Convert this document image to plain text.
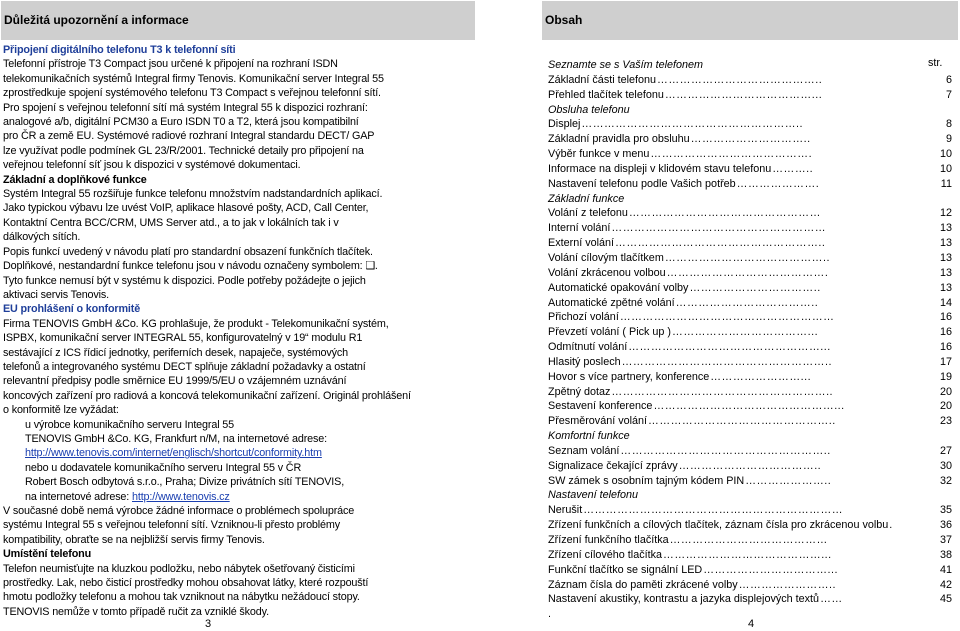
Důležitá upozornění a informace	Obsah

Připojení digitálního telefonu T3 k telefonní síti

Telefonní přístroje T3 Compact jsou určené k připojení na rozhraní ISDN

telekomunikačních systémů Integral firmy Tenovis. Komunikační server Integral 55

zprostředkuje spojení systémového telefonu T3 Compact s veřejnou telefonní sítí.

Pro spojení s veřejnou telefonní sítí má systém Integral 55 k dispozici rozhraní:

analogové a/b, digitální PCM30 a Euro ISDN T0 a T2, která jsou kompatibilní

pro ČR a země EU. Systémové radiové rozhraní Integral standardu DECT/ GAP

lze využívat podle podmínek GL 23/R/2001. Technické detaily pro připojení na

veřejnou telefonní síť jsou k dispozici v systémové dokumentaci.

Základní a doplňkové funkce

Systém Integral 55 rozšiřuje funkce telefonu množstvím nadstandardních aplikací.

Jako typickou výbavu lze uvést VoIP, aplikace hlasové pošty, ACD, Call Center,

Kontaktní Centra BCC/CRM, UMS Server atd., a to jak v lokálních tak i v

dálkových sítích.

Popis funkcí uvedený v návodu platí pro standardní obsazení funkčních tlačítek.

Doplňkové, nestandardní funkce telefonu jsou v návodu označeny symbolem: ❑.

Tyto funkce nemusí být v systému k dispozici. Podle potřeby požádejte o jejich

aktivaci servis Tenovis.

EU prohlášení o konformitě

Firma TENOVIS GmbH &Co. KG prohlašuje, že produkt - Telekomunikační systém,

ISPBX, komunikační server INTEGRAL 55, konfigurovatelný v 19“ modulu R1

sestávající z ICS řídicí jednotky, periferních desek, napaječe, systémových

telefonů a integrovaného systému DECT splňuje základní požadavky a ostatní

relevantní předpisy podle směrnice EU 1999/5/EU o vzájemném uznávání

koncových zařízení pro radiová a koncová telekomunikační zařízení. Originál prohlášení

o konformitě lze vyžádat:

u výrobce komunikačního serveru Integral 55

TENOVIS GmbH &Co. KG, Frankfurt n/M, na internetové adrese:

http://www.tenovis.com/internet/englisch/shortcut/conformity.htm

nebo u dodavatele komunikačního serveru Integral 55 v ČR

Robert Bosch odbytová s.r.o., Praha; Divize privátních sítí TENOVIS,

na internetové adrese: http://www.tenovis.cz

V současné době nemá výrobce žádné informace o problémech spolupráce

systému Integral 55 s veřejnou telefonní sítí. Vzniknou-li přesto problémy

kompatibility, obraťte se na nejbližší servis firmy Tenovis.

Umístění telefonu

Telefon neumisťujte na kluzkou podložku, nebo nábytek ošetřovaný čisticími

prostředky. Lak, nebo čisticí prostředky mohou obsahovat látky, které rozpouští

hmotu podložky telefonu a mohou tak vzniknout na nábytku nežádoucí stopy.

TENOVIS nemůže v tomto případě ručit za vzniklé škody.

str.
Seznamte se s Vaším telefonem
Základní části telefonu ……………………………………..	6
Přehled tlačítek telefonu …………………………………...	7
Obsluha telefonu
Displej …………………………………………………..	8
Základní pravidla pro obsluhu …………………………..	9
Výběr funkce v menu …………………………………….	10
Informace na displeji v klidovém stavu telefonu ………..	10
Nastavení telefonu podle Vašich potřeb ………………….	11
Základní funkce
Volání z telefonu ……………………………………………	12
Interní volání …………………………………………………	13
Externí volání ………………………………………………..	13
Volání cílovým tlačítkem ……………………………………..	13
Volání zkrácenou volbou …………………………………….	13
Automatické opakování volby ……………………………..	13
Automatické zpětné volání ………………………………..	14
Přichozí volání …………………………………………………	16
Převzetí volání ( Pick up ) ………………………………...	16
Odmítnutí volání ……………………………………………...	16
Hlasitý poslech ………………………………………………..	17
Hovor s více partnery, konference ……………………...	19
Zpětný dotaz …………………………………………………..	20
Sestavení konference …………………………………………...	20
Přesměrování volání …………………………………………..	23
Komfortní funkce
Seznam volání ………………………………………………..	27
Signalizace čekající zprávy ………………………………..	30
SW zámek s osobním tajným kódem PIN …………………..	32
Nastavení telefonu
Nerušit ……………………………………………………………	35
Zřízení funkčních a cílových tlačítek, záznam čísla pro zkrácenou volbu .	36
Zřízení funkčního tlačítka ……………………………………	37
Zřízení cílového tlačítka ……………………………………...	38
Funkční tlačítko se signální LED ……………………………...	41
Záznam čísla do paměti zkrácené volby ……………………..	42
Nastavení akustiky, kontrastu a jazyka displejových textů ……	45
.
3	4
